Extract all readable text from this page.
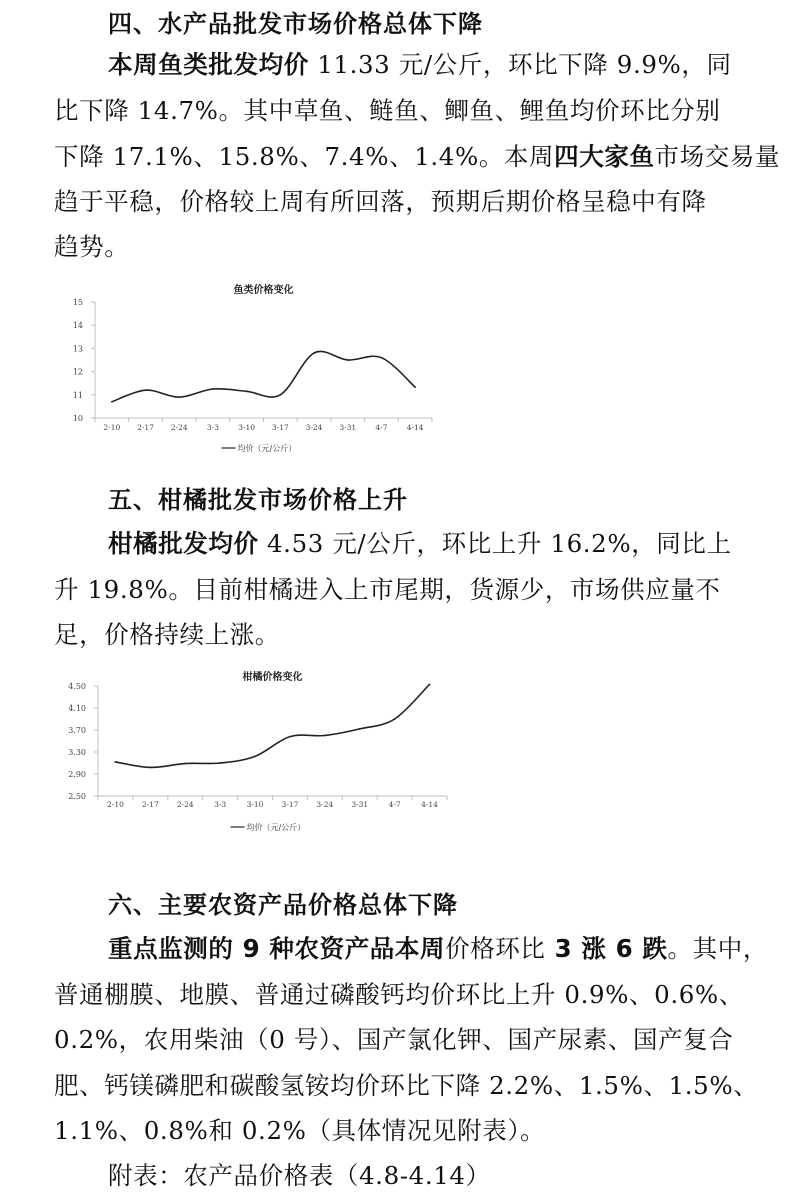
四、水产品批发市场价格总体下降
本周鱼类批发均价 11.33 元/公斤，环比下降 9.9%，同
比下降 14.7%。其中草鱼、鲢鱼、鲫鱼、鲤鱼均价环比分别
下降 17.1%、15.8%、7.4%、1.4%。本周四大家鱼市场交易量
趋于平稳，价格较上周有所回落，预期后期价格呈稳中有降
趋势。
鱼类价格变化
10
11
12
13
14
15
2-10 2-17 2-24	3-3	3-10 3-17 3-24 3-31	4-7	4-14
均价（元/公斤）
五、柑橘批发市场价格上升
柑橘批发均价 4.53 元/公斤，环比上升 16.2%，同比上
升 19.8%。目前柑橘进入上市尾期，货源少，市场供应量不
足，价格持续上涨。
柑橘价格变化
2.50
2.90
3.30
3.70
4.10
4.50
2-10 2-17 2-24	3-3	3-10 3-17 3-24 3-31	4-7	4-14
均价（元/公斤）
六、主要农资产品价格总体下降
重点监测的 9 种农资产品本周价格环比 3 涨 6 跌。其中，
普通棚膜、地膜、普通过磷酸钙均价环比上升 0.9%、0.6%、
0.2%，农用柴油（0 号）、国产氯化钾、国产尿素、国产复合
肥、钙镁磷肥和碳酸氢铵均价环比下降 2.2%、1.5%、1.5%、
1.1%、0.8%和 0.2%（具体情况见附表）。
附表：农产品价格表（4.8-4.14）
